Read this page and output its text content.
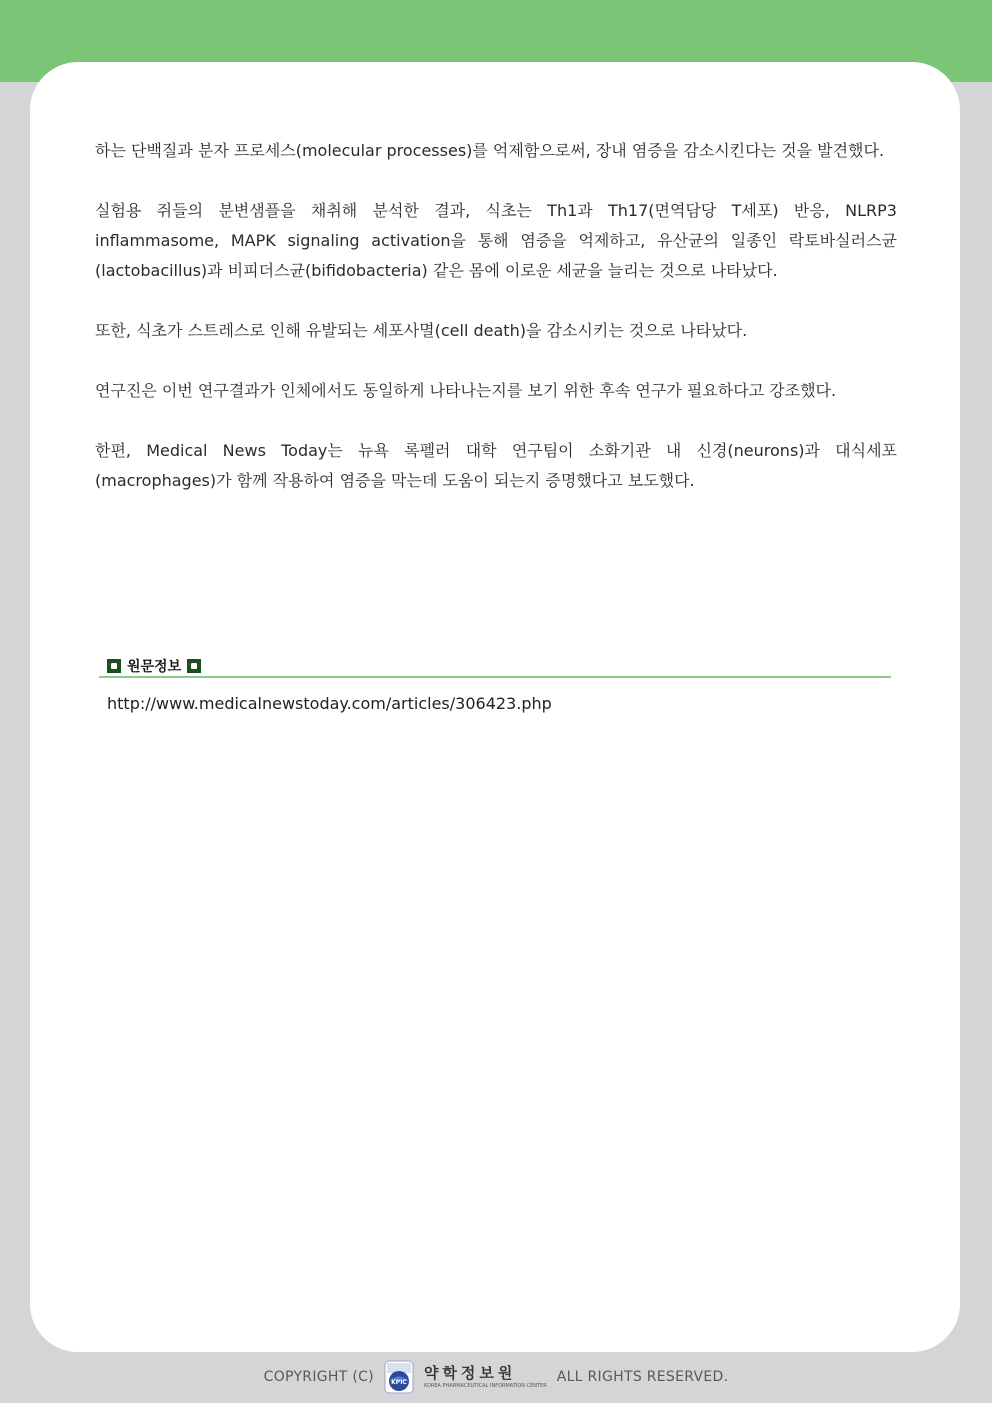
하는 단백질과 분자 프로세스(molecular processes)를 억제함으로써, 장내 염증을 감소시킨다는 것을 발견했다.

실험용 쥐들의 분변샘플을 채취해 분석한 결과, 식초는 Th1과 Th17(면역담당 T세포) 반응, NLRP3 inflammasome, MAPK signaling activation을 통해 염증을 억제하고, 유산균의 일종인 락토바실러스균(lactobacillus)과 비피더스균(bifidobacteria) 같은 몸에 이로운 세균을 늘리는 것으로 나타났다.

또한, 식초가 스트레스로 인해 유발되는 세포사멸(cell death)을 감소시키는 것으로 나타났다.

연구진은 이번 연구결과가 인체에서도 동일하게 나타나는지를 보기 위한 후속 연구가 필요하다고 강조했다.

한편, Medical News Today는 뉴욕 록펠러 대학 연구팀이 소화기관 내 신경(neurons)과 대식세포(macrophages)가 함께 작용하여 염증을 막는데 도움이 되는지 증명했다고 보도했다.

원문정보
http://www.medicalnewstoday.com/articles/306423.php
COPYRIGHT (C)	KPIC
약학정보원
KOREA PHARMACEUTICAL INFORMATION CENTER
ALL RIGHTS RESERVED.
